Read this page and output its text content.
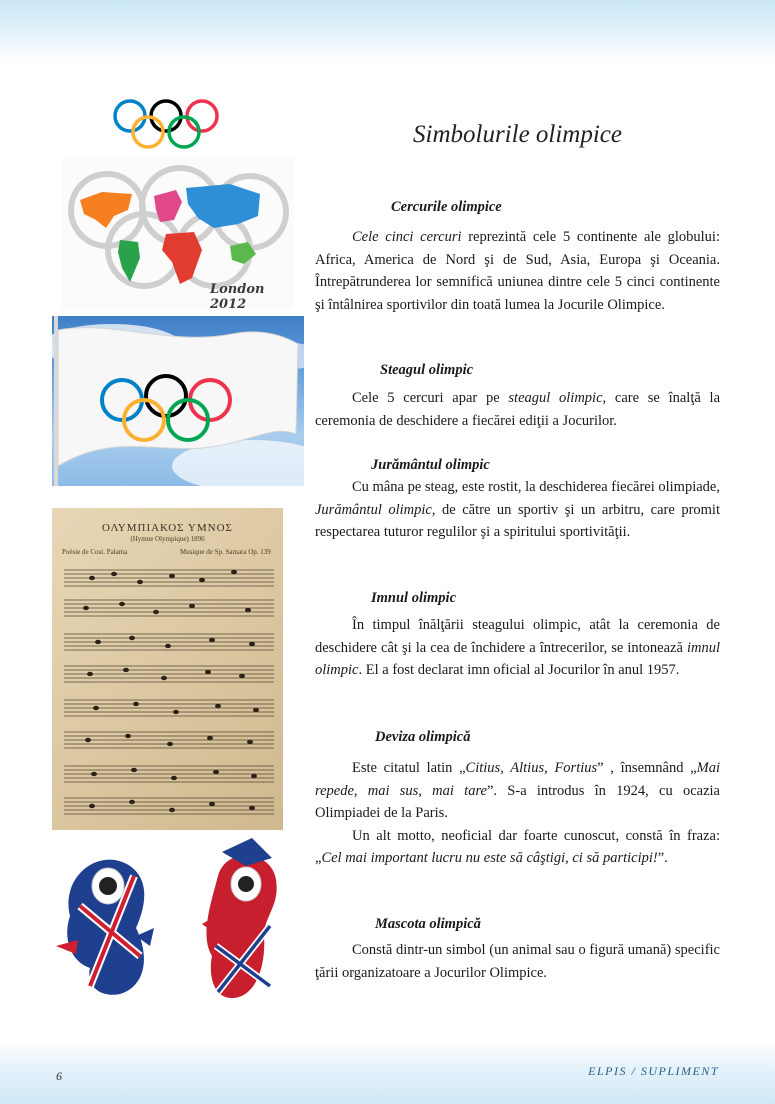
Simbolurile olimpice
London 2012
ΟΛΥΜΠΙΑΚΟΣ ΥΜΝΟΣ
(Hymne Olympique) 1896
Poésie de Cost. Palama	Musique de Sp. Samara Op. 139
Cercurile olimpice

Cele cinci cercuri reprezintă cele 5 continente ale globului: Africa, America de Nord şi de Sud, Asia, Europa şi Oceania. Întrepătrunderea lor semnifică uniunea dintre cele 5 cinci continente şi întâlnirea sportivilor din toată lumea la Jocurile Olimpice.

Steagul olimpic

Cele 5 cercuri apar pe steagul olimpic, care se înalţă la ceremonia de deschidere a fiecărei ediţii a Jocurilor.

Jurământul olimpic

Cu mâna pe steag, este rostit, la deschiderea fiecărei olimpiade, Jurământul olimpic, de către un sportiv şi un arbitru, care promit respectarea tuturor regulilor şi a spiritului sportivităţii.

Imnul olimpic

În timpul înălţării steagului olimpic, atât la ceremonia de deschidere cât şi la cea de închidere a întrecerilor, se intonează imnul olimpic. El a fost declarat imn oficial al Jocurilor în anul 1957.

Deviza olimpică

Este citatul latin „Citius, Altius, Fortius” , însemnând „Mai repede, mai sus, mai tare”. S-a introdus în 1924, cu ocazia Olimpiadei de la Paris.

Un alt motto, neoficial dar foarte cunoscut, constă în fraza: „Cel mai important lucru nu este să câştigi, ci să participi!”.

Mascota olimpică

Constă dintr-un simbol (un animal sau o figură umană) specific ţării organizatoare a Jocurilor Olimpice.

6	ELPIS / SUPLIMENT
